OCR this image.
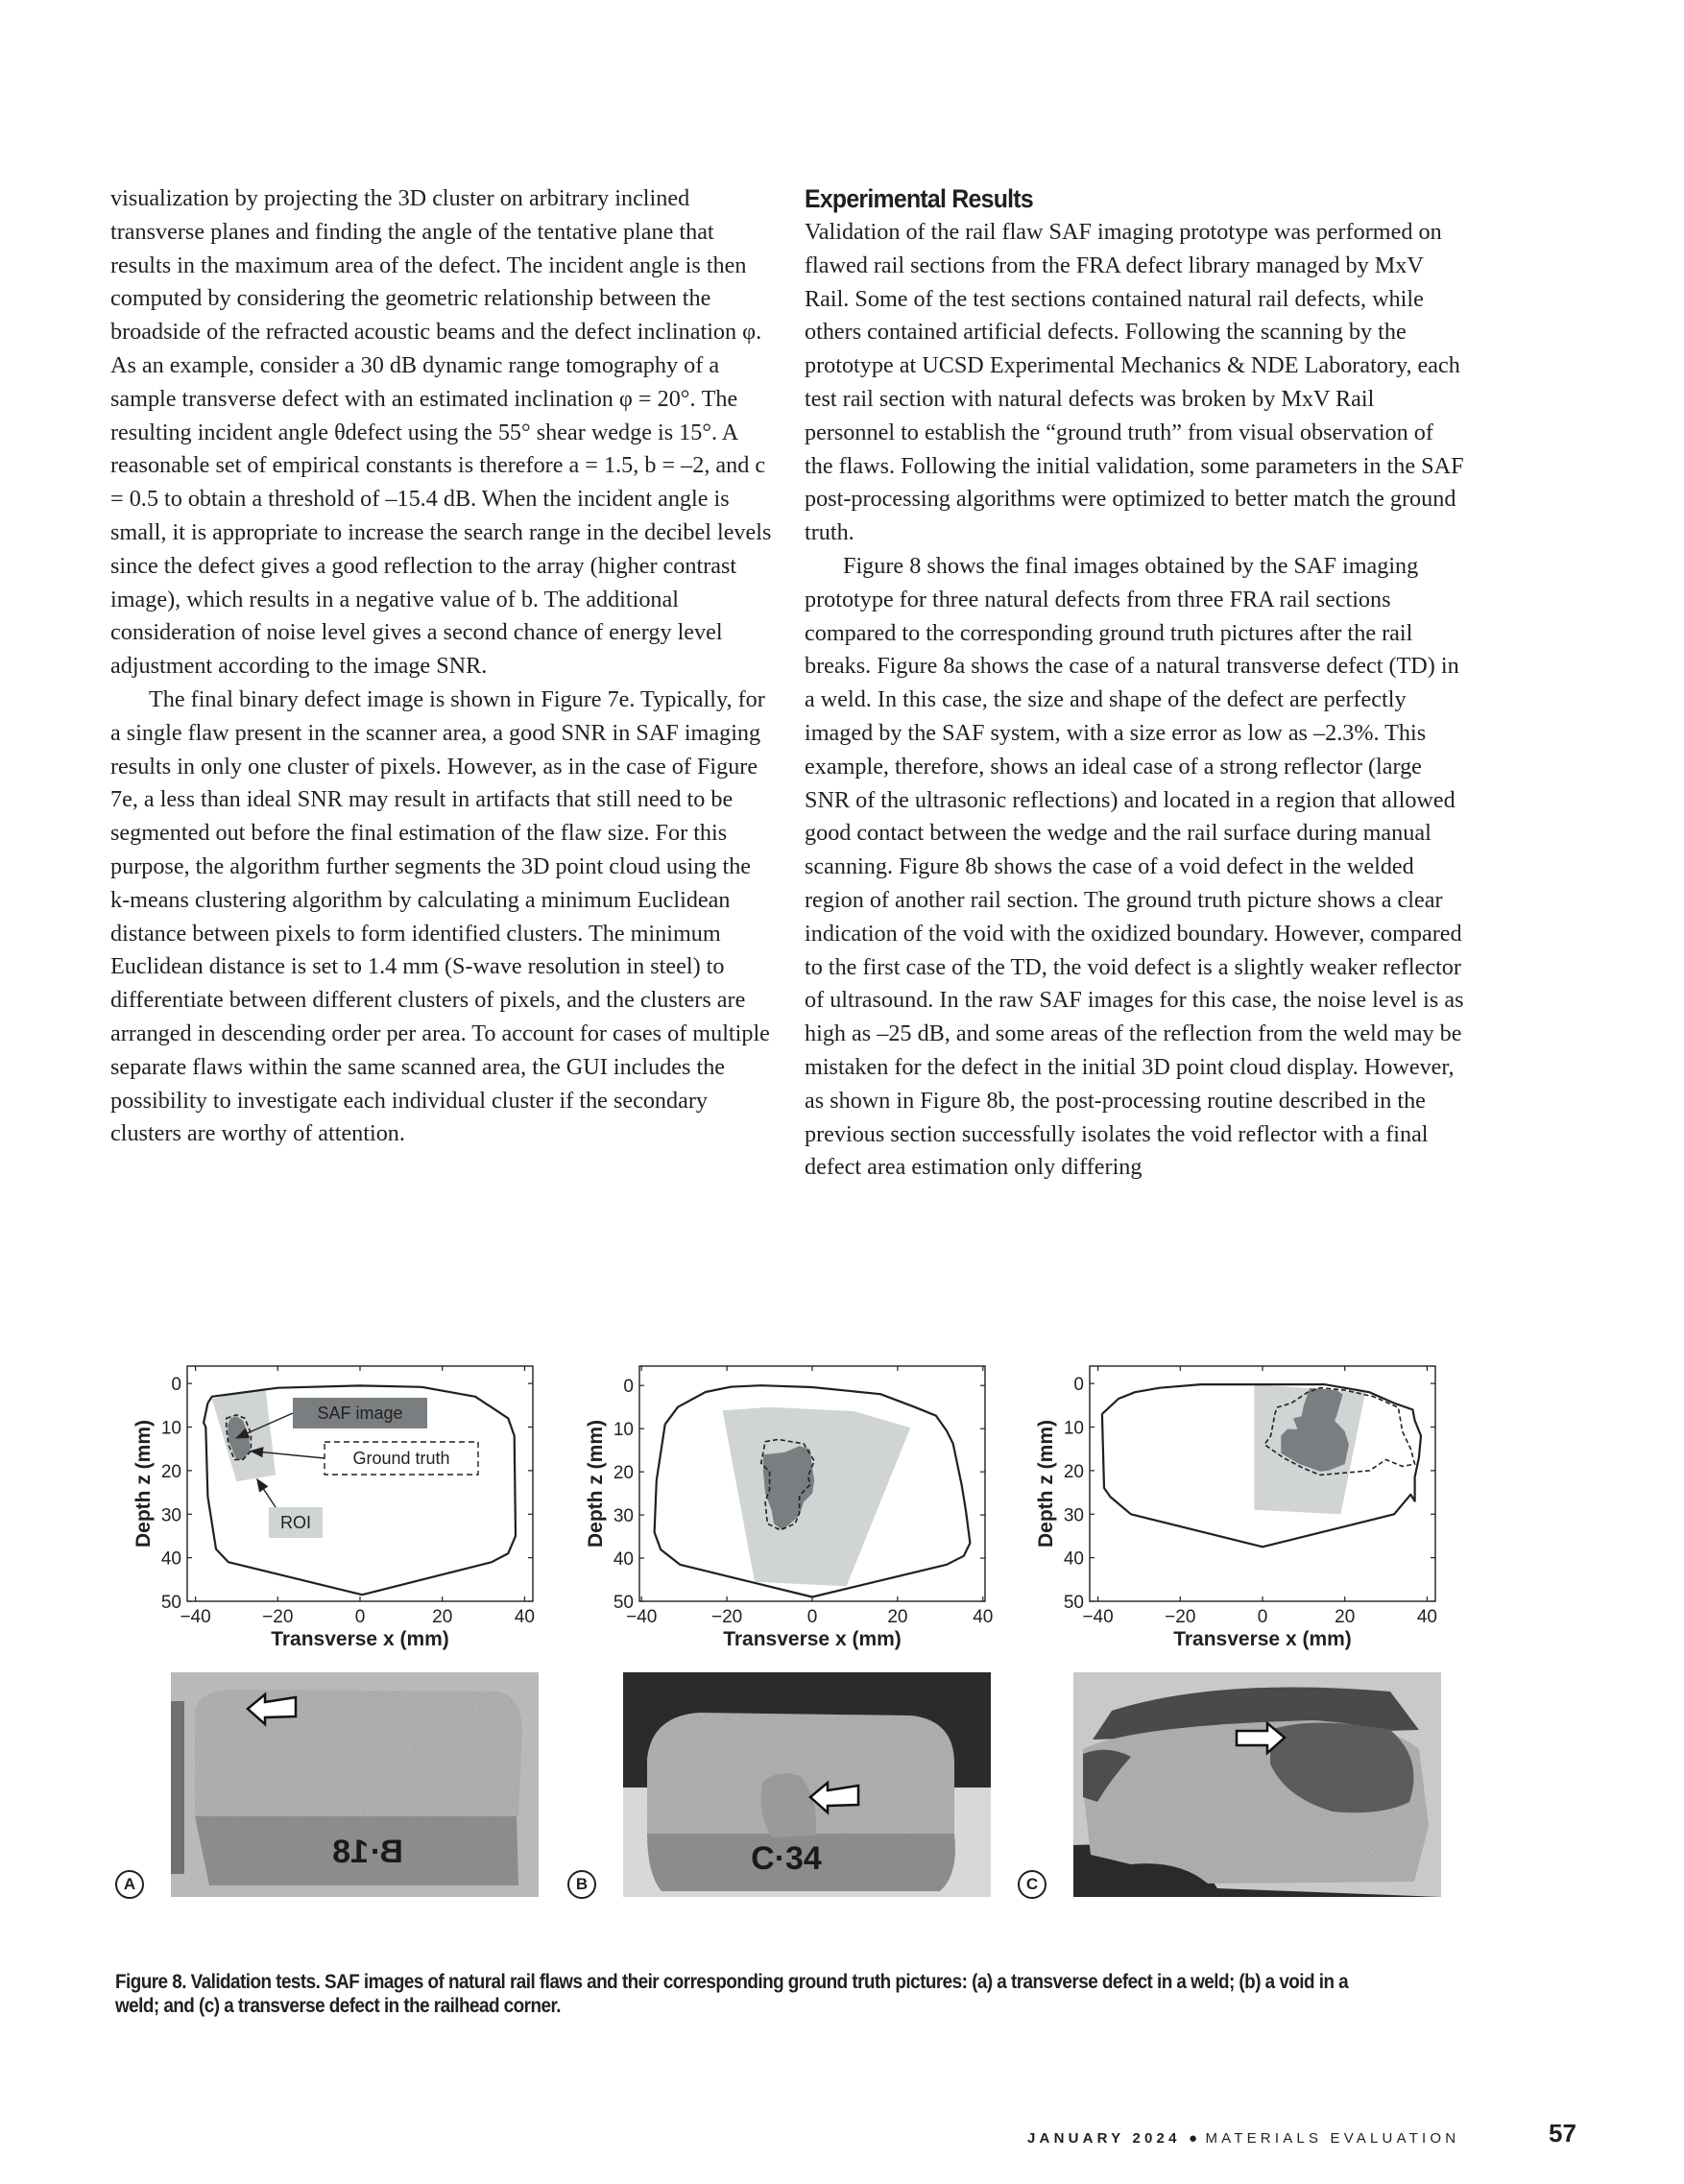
visualization by projecting the 3D cluster on arbitrary inclined transverse planes and finding the angle of the tentative plane that results in the maximum area of the defect. The incident angle is then computed by considering the geometric relationship between the broadside of the refracted acoustic beams and the defect inclination φ. As an example, consider a 30 dB dynamic range tomography of a sample transverse defect with an estimated inclination φ = 20°. The resulting incident angle θdefect using the 55° shear wedge is 15°. A reasonable set of empirical constants is therefore a = 1.5, b = –2, and c = 0.5 to obtain a threshold of –15.4 dB. When the incident angle is small, it is appropriate to increase the search range in the decibel levels since the defect gives a good reflection to the array (higher contrast image), which results in a negative value of b. The additional consideration of noise level gives a second chance of energy level adjustment according to the image SNR.

The final binary defect image is shown in Figure 7e. Typically, for a single flaw present in the scanner area, a good SNR in SAF imaging results in only one cluster of pixels. However, as in the case of Figure 7e, a less than ideal SNR may result in artifacts that still need to be segmented out before the final estimation of the flaw size. For this purpose, the algorithm further segments the 3D point cloud using the k-means clustering algorithm by calculating a minimum Euclidean distance between pixels to form identified clusters. The minimum Euclidean distance is set to 1.4 mm (S-wave resolution in steel) to differentiate between different clusters of pixels, and the clusters are arranged in descending order per area. To account for cases of multiple separate flaws within the same scanned area, the GUI includes the possibility to investigate each individual cluster if the secondary clusters are worthy of attention.

Experimental Results

Validation of the rail flaw SAF imaging prototype was performed on flawed rail sections from the FRA defect library managed by MxV Rail. Some of the test sections contained natural rail defects, while others contained artificial defects. Following the scanning by the prototype at UCSD Experimental Mechanics & NDE Laboratory, each test rail section with natural defects was broken by MxV Rail personnel to establish the “ground truth” from visual observation of the flaws. Following the initial validation, some parameters in the SAF post-processing algorithms were optimized to better match the ground truth.

Figure 8 shows the final images obtained by the SAF imaging prototype for three natural defects from three FRA rail sections compared to the corresponding ground truth pictures after the rail breaks. Figure 8a shows the case of a natural transverse defect (TD) in a weld. In this case, the size and shape of the defect are perfectly imaged by the SAF system, with a size error as low as –2.3%. This example, therefore, shows an ideal case of a strong reflector (large SNR of the ultrasonic reflections) and located in a region that allowed good contact between the wedge and the rail surface during manual scanning. Figure 8b shows the case of a void defect in the welded region of another rail section. The ground truth picture shows a clear indication of the void with the oxidized boundary. However, compared to the first case of the TD, the void defect is a slightly weaker reflector of ultrasound. In the raw SAF images for this case, the noise level is as high as –25 dB, and some areas of the reflection from the weld may be mistaken for the defect in the initial 3D point cloud display. However, as shown in Figure 8b, the post-processing routine described in the previous section successfully isolates the void reflector with a final defect area estimation only differing

−40	−20	0	20	40
0
10
20
30
40
50
Transverse x (mm)
Depth z (mm)
SAF image
Ground truth
ROI
B·18
A
−40	−20	0	20	40
0
10
20
30
40
50
Transverse x (mm)
Depth z (mm)
C·34
B
−40	−20	0	20	40
0
10
20
30
40
50
Transverse x (mm)
Depth z (mm)
C
Figure 8. Validation tests. SAF images of natural rail flaws and their corresponding ground truth pictures: (a) a transverse defect in a weld; (b) a void in a weld; and (c) a transverse defect in the railhead corner.
JANUARY 2024 ● MATERIALS EVALUATION	57
